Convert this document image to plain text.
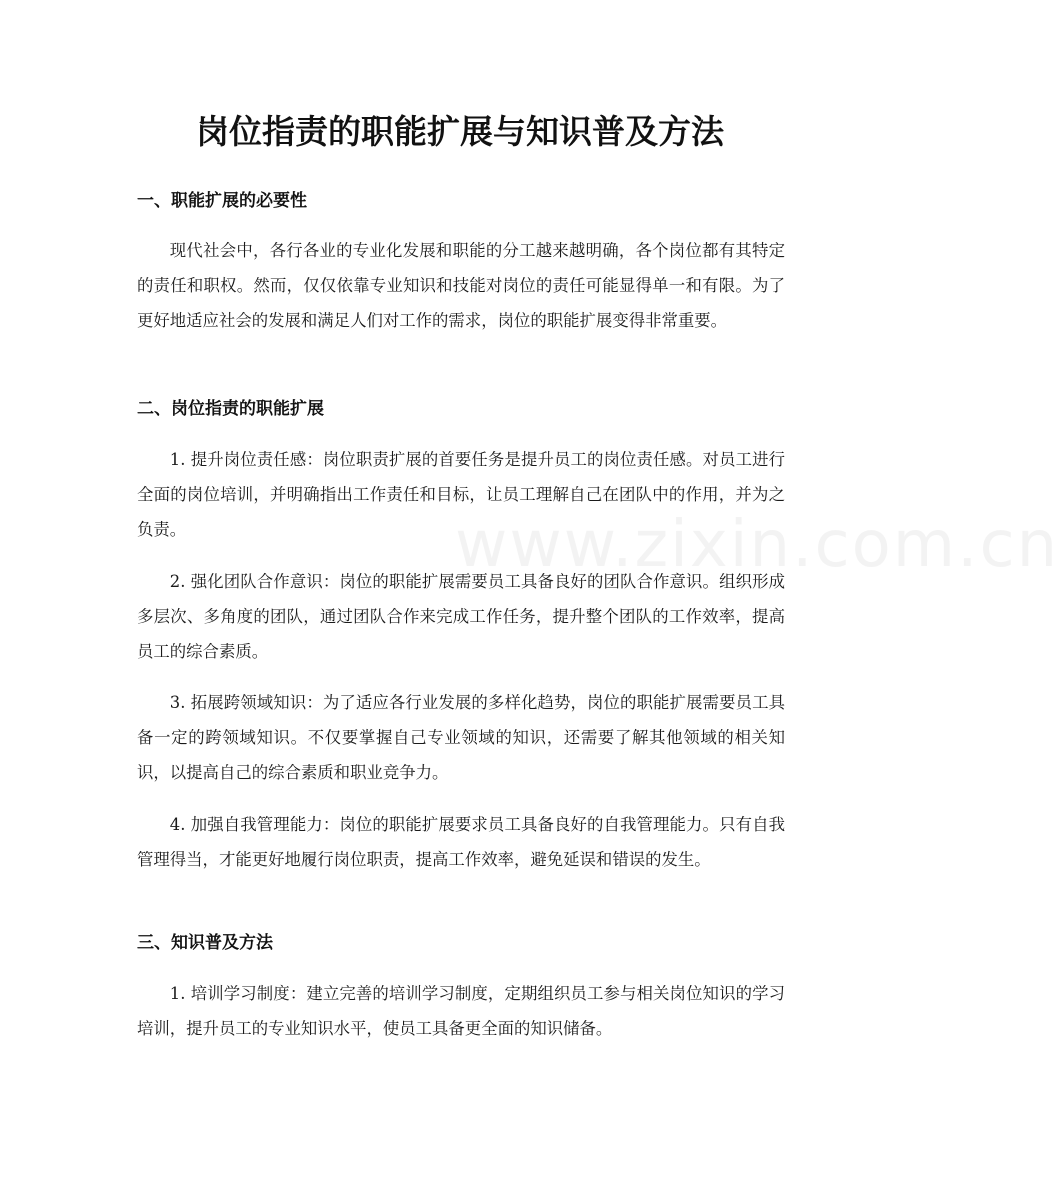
www.zixin.com.cn
岗位指责的职能扩展与知识普及方法
一、职能扩展的必要性

现代社会中，各行各业的专业化发展和职能的分工越来越明确，各个岗位都有其特定的责任和职权。然而，仅仅依靠专业知识和技能对岗位的责任可能显得单一和有限。为了更好地适应社会的发展和满足人们对工作的需求，岗位的职能扩展变得非常重要。

二、岗位指责的职能扩展

1. 提升岗位责任感：岗位职责扩展的首要任务是提升员工的岗位责任感。对员工进行全面的岗位培训，并明确指出工作责任和目标，让员工理解自己在团队中的作用，并为之负责。

2. 强化团队合作意识：岗位的职能扩展需要员工具备良好的团队合作意识。组织形成多层次、多角度的团队，通过团队合作来完成工作任务，提升整个团队的工作效率，提高员工的综合素质。

3. 拓展跨领域知识：为了适应各行业发展的多样化趋势，岗位的职能扩展需要员工具备一定的跨领域知识。不仅要掌握自己专业领域的知识，还需要了解其他领域的相关知识，以提高自己的综合素质和职业竞争力。

4. 加强自我管理能力：岗位的职能扩展要求员工具备良好的自我管理能力。只有自我管理得当，才能更好地履行岗位职责，提高工作效率，避免延误和错误的发生。

三、知识普及方法

1. 培训学习制度：建立完善的培训学习制度，定期组织员工参与相关岗位知识的学习培训，提升员工的专业知识水平，使员工具备更全面的知识储备。
